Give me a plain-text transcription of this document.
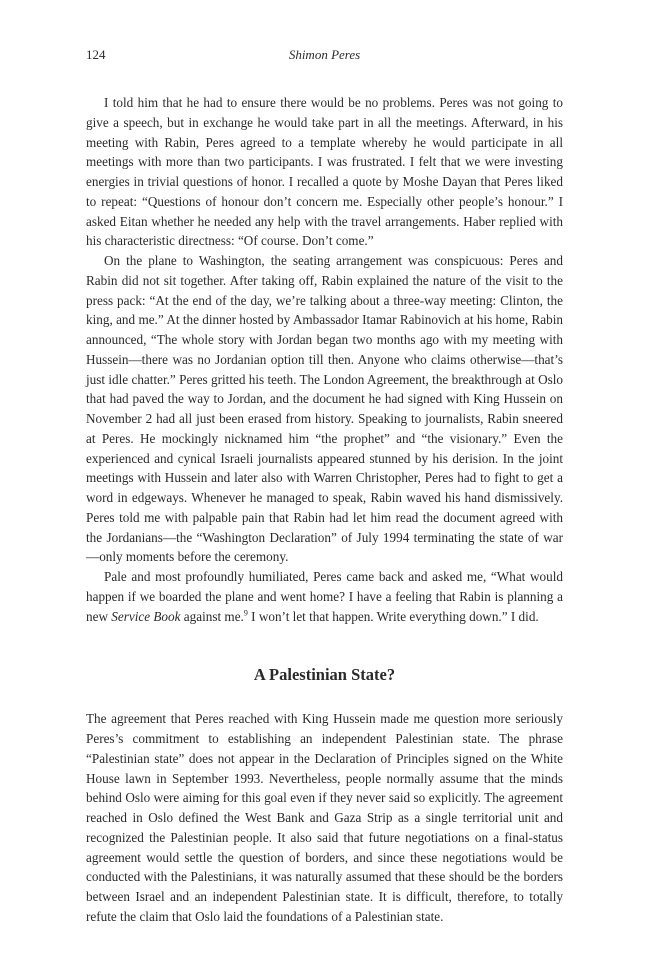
124	Shimon Peres

I told him that he had to ensure there would be no problems. Peres was not going to give a speech, but in exchange he would take part in all the meetings. Afterward, in his meeting with Rabin, Peres agreed to a template whereby he would participate in all meetings with more than two participants. I was frustrated. I felt that we were investing energies in trivial questions of honor. I recalled a quote by Moshe Dayan that Peres liked to repeat: “Questions of honour don’t concern me. Especially other people’s honour.” I asked Eitan whether he needed any help with the travel arrangements. Haber replied with his characteristic directness: “Of course. Don’t come.”

On the plane to Washington, the seating arrangement was conspicuous: Peres and Rabin did not sit together. After taking off, Rabin explained the nature of the visit to the press pack: “At the end of the day, we’re talking about a three-way meeting: Clinton, the king, and me.” At the dinner hosted by Ambassador Itamar Rabinovich at his home, Rabin announced, “The whole story with Jordan began two months ago with my meeting with Hussein—there was no Jordanian option till then. Anyone who claims otherwise—that’s just idle chatter.” Peres gritted his teeth. The London Agreement, the breakthrough at Oslo that had paved the way to Jordan, and the document he had signed with King Hussein on November 2 had all just been erased from history. Speaking to journalists, Rabin sneered at Peres. He mockingly nicknamed him “the prophet” and “the visionary.” Even the experienced and cynical Israeli journalists appeared stunned by his derision. In the joint meetings with Hussein and later also with Warren Christopher, Peres had to fight to get a word in edgeways. Whenever he managed to speak, Rabin waved his hand dismissively. Peres told me with palpable pain that Rabin had let him read the document agreed with the Jordanians—the “Washington Declaration” of July 1994 terminating the state of war—only moments before the ceremony.

Pale and most profoundly humiliated, Peres came back and asked me, “What would happen if we boarded the plane and went home? I have a feeling that Rabin is planning a new Service Book against me.$^9$ I won’t let that happen. Write everything down.” I did.

A Palestinian State?

The agreement that Peres reached with King Hussein made me question more seriously Peres’s commitment to establishing an independent Palestinian state. The phrase “Palestinian state” does not appear in the Declaration of Principles signed on the White House lawn in September 1993. Nevertheless, people normally assume that the minds behind Oslo were aiming for this goal even if they never said so explicitly. The agreement reached in Oslo defined the West Bank and Gaza Strip as a single territorial unit and recognized the Palestinian people. It also said that future negotiations on a final-status agreement would settle the question of borders, and since these negotiations would be conducted with the Palestinians, it was naturally assumed that these should be the borders between Israel and an independent Palestinian state. It is difficult, therefore, to totally refute the claim that Oslo laid the foundations of a Palestinian state.
